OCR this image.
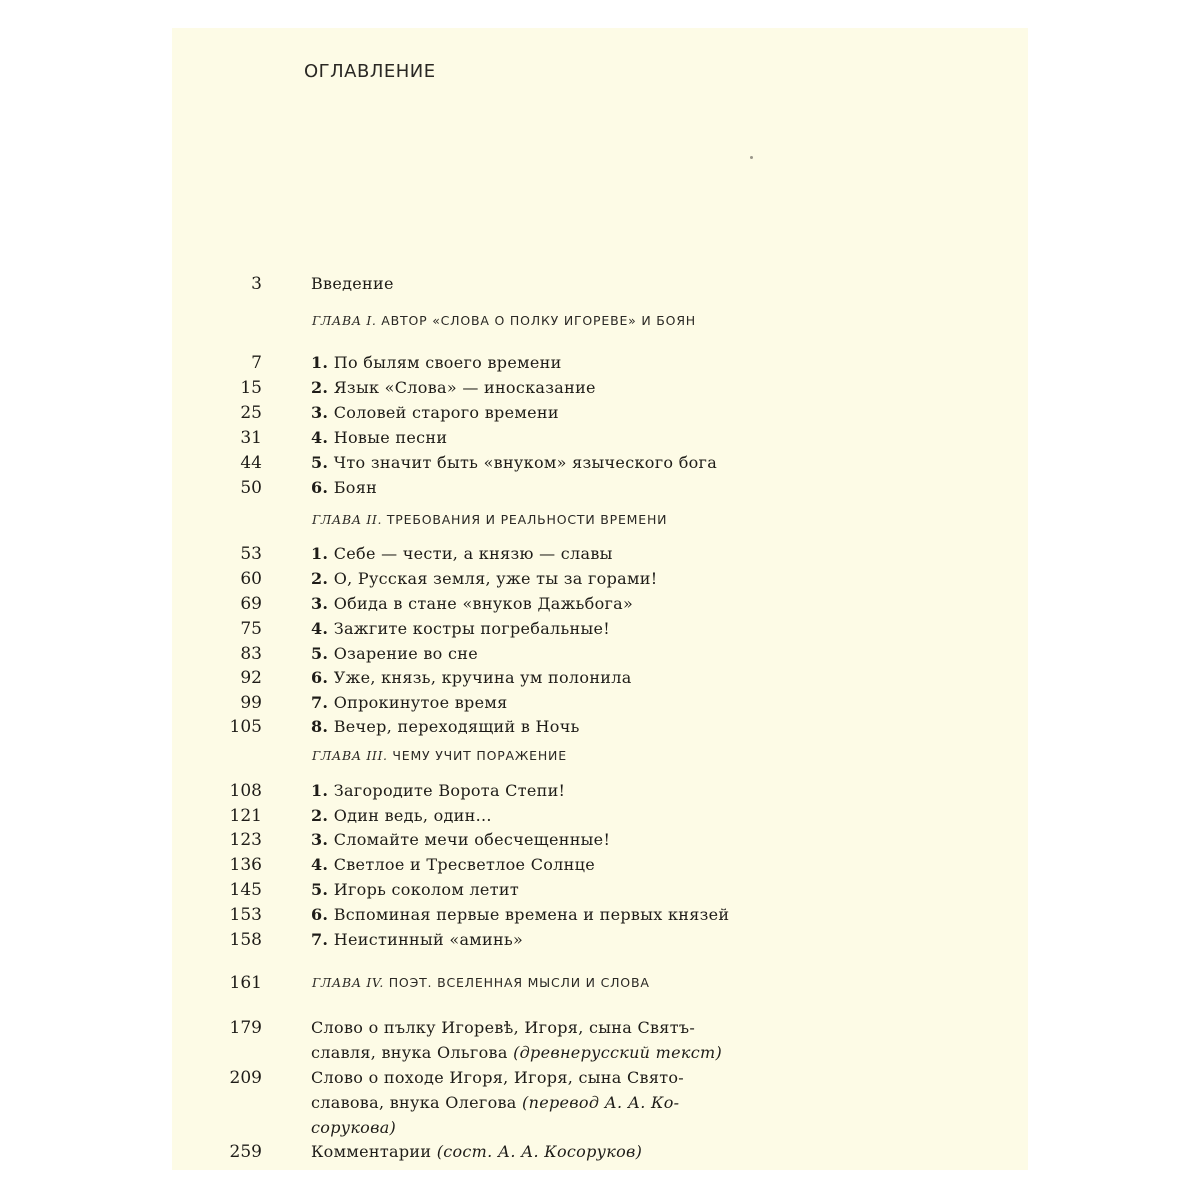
ОГЛАВЛЕНИЕ
3	Введение
ГЛАВА I. АВТОР «СЛОВА О ПОЛКУ ИГОРЕВЕ» И БОЯН
7	1. По былям своего времени
15	2. Язык «Слова» — иносказание
25	3. Соловей старого времени
31	4. Новые песни
44	5. Что значит быть «внуком» языческого бога
50	6. Боян
ГЛАВА II. ТРЕБОВАНИЯ И РЕАЛЬНОСТИ ВРЕМЕНИ
53	1. Себе — чести, а князю — славы
60	2. О, Русская земля, уже ты за горами!
69	3. Обида в стане «внуков Дажьбога»
75	4. Зажгите костры погребальные!
83	5. Озарение во сне
92	6. Уже, князь, кручина ум полонила
99	7. Опрокинутое время
105	8. Вечер, переходящий в Ночь
ГЛАВА III. ЧЕМУ УЧИТ ПОРАЖЕНИЕ
108	1. Загородите Ворота Степи!
121	2. Один ведь, один...
123	3. Сломайте мечи обесчещенные!
136	4. Светлое и Тресветлое Солнце
145	5. Игорь соколом летит
153	6. Вспоминая первые времена и первых князей
158	7. Неистинный «аминь»
161	ГЛАВА IV. ПОЭТ. ВСЕЛЕННАЯ МЫСЛИ И СЛОВА
179	Слово о пълку Игоревѣ, Игоря, сына Святъ-
славля, внука Ольгова (древнерусский текст)
209	Слово о походе Игоря, Игоря, сына Свято-
славова, внука Олегова (перевод А. А. Ко-
сорукова)
259	Комментарии (сост. А. А. Косоруков)
